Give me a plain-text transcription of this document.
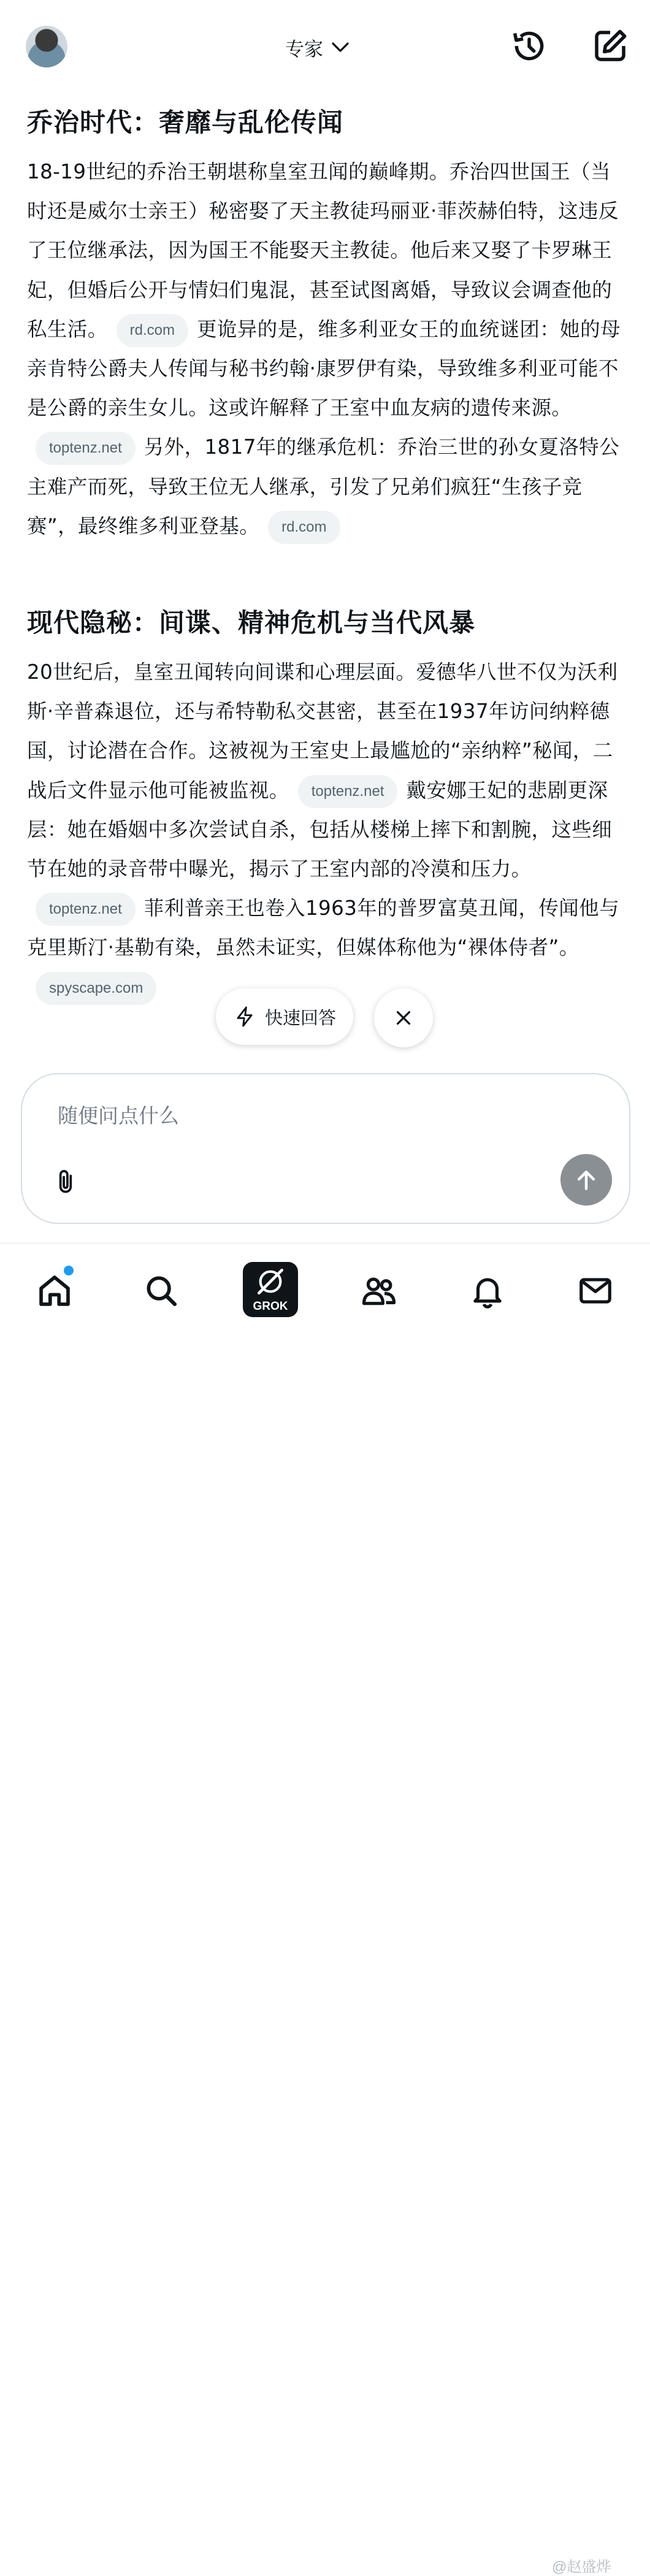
专家
乔治时代：奢靡与乱伦传闻

18-19世纪的乔治王朝堪称皇室丑闻的巅峰期。乔治四世国王（当时还是威尔士亲王）秘密娶了天主教徒玛丽亚·菲茨赫伯特，这违反了王位继承法，因为国王不能娶天主教徒。他后来又娶了卡罗琳王妃，但婚后公开与情妇们鬼混，甚至试图离婚，导致议会调查他的私生活。 rd.com 更诡异的是，维多利亚女王的血统谜团：她的母亲肯特公爵夫人传闻与秘书约翰·康罗伊有染，导致维多利亚可能不是公爵的亲生女儿。这或许解释了王室中血友病的遗传来源。toptenz.net 另外，1817年的继承危机：乔治三世的孙女夏洛特公主难产而死，导致王位无人继承，引发了兄弟们疯狂“生孩子竞赛”，最终维多利亚登基。 rd.com

现代隐秘：间谍、精神危机与当代风暴

20世纪后，皇室丑闻转向间谍和心理层面。爱德华八世不仅为沃利斯·辛普森退位，还与希特勒私交甚密，甚至在1937年访问纳粹德国，讨论潜在合作。这被视为王室史上最尴尬的“亲纳粹”秘闻，二战后文件显示他可能被监视。 toptenz.net 戴安娜王妃的悲剧更深层：她在婚姻中多次尝试自杀，包括从楼梯上摔下和割腕，这些细节在她的录音带中曝光，揭示了王室内部的冷漠和压力。toptenz.net 菲利普亲王也卷入1963年的普罗富莫丑闻，传闻他与克里斯汀·基勒有染，虽然未证实，但媒体称他为“裸体侍者”。spyscape.com

快速回答
随便问点什么
GROK
@赵盛烨
